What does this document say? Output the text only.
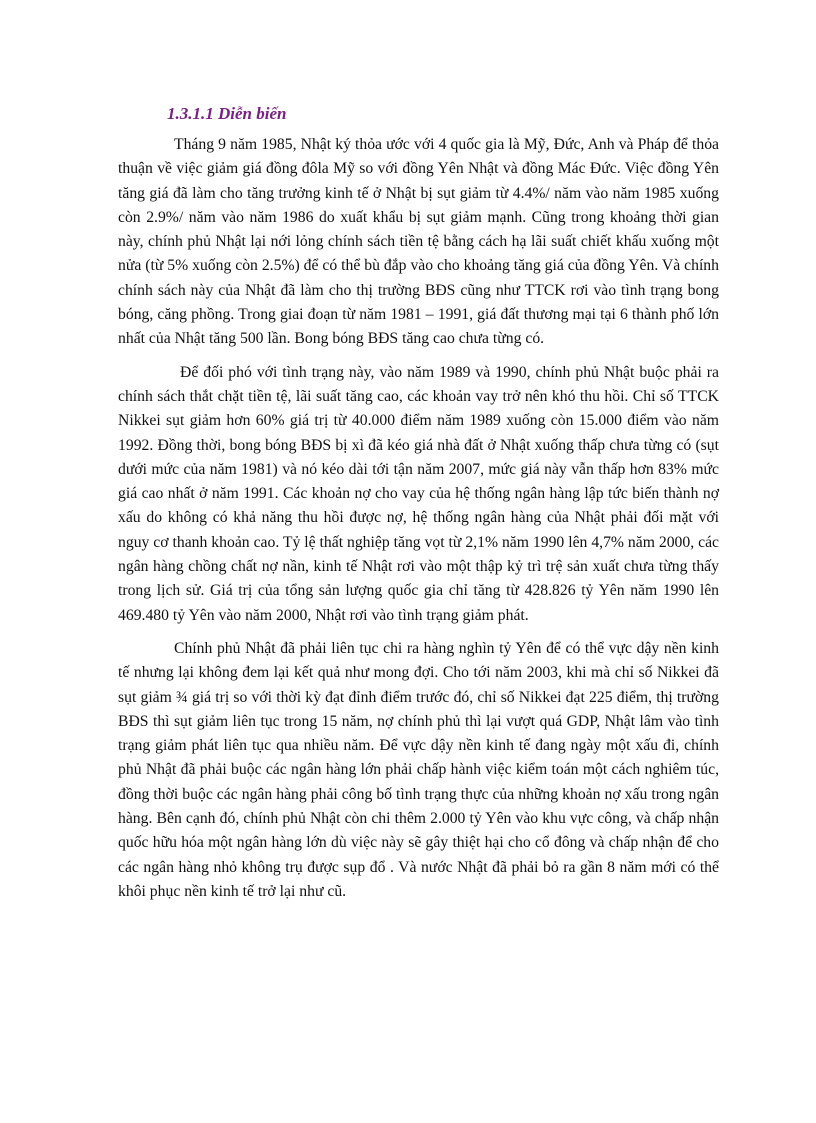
1.3.1.1 Diễn biến

Tháng 9 năm 1985, Nhật ký thỏa ước với 4 quốc gia là Mỹ, Đức, Anh và Pháp để thỏa thuận về việc giảm giá đồng đôla Mỹ so với đồng Yên Nhật và đồng Mác Đức. Việc đồng Yên tăng giá đã làm cho tăng trưởng kinh tế ở Nhật bị sụt giảm từ 4.4%/ năm vào năm 1985 xuống còn 2.9%/ năm vào năm 1986 do xuất khẩu bị sụt giảm mạnh. Cũng trong khoảng thời gian này, chính phủ Nhật lại nới lỏng chính sách tiền tệ bằng cách hạ lãi suất chiết khấu xuống một nửa (từ 5% xuống còn 2.5%) để có thể bù đắp vào cho khoảng tăng giá của đồng Yên. Và chính chính sách này của Nhật đã làm cho thị trường BĐS cũng như TTCK rơi vào tình trạng bong bóng, căng phồng. Trong giai đoạn từ năm 1981 – 1991, giá đất thương mại tại 6 thành phố lớn nhất của Nhật tăng 500 lần. Bong bóng BĐS tăng cao chưa từng có.

Để đối phó với tình trạng này, vào năm 1989 và 1990, chính phủ Nhật buộc phải ra chính sách thắt chặt tiền tệ, lãi suất tăng cao, các khoản vay trở nên khó thu hồi. Chỉ số TTCK Nikkei sụt giảm hơn 60% giá trị từ 40.000 điểm năm 1989 xuống còn 15.000 điểm vào năm 1992. Đồng thời, bong bóng BĐS bị xì đã kéo giá nhà đất ở Nhật xuống thấp chưa từng có (sụt dưới mức của năm 1981) và nó kéo dài tới tận năm 2007, mức giá này vẫn thấp hơn 83% mức giá cao nhất ở năm 1991. Các khoản nợ cho vay của hệ thống ngân hàng lập tức biến thành nợ xấu do không có khả năng thu hồi được nợ, hệ thống ngân hàng của Nhật phải đối mặt với nguy cơ thanh khoản cao. Tỷ lệ thất nghiệp tăng vọt từ 2,1% năm 1990 lên 4,7% năm 2000, các ngân hàng chồng chất nợ nần, kinh tế Nhật rơi vào một thập kỷ trì trệ sản xuất chưa từng thấy trong lịch sử. Giá trị của tổng sản lượng quốc gia chỉ tăng từ 428.826 tỷ Yên năm 1990 lên 469.480 tỷ Yên vào năm 2000, Nhật rơi vào tình trạng giảm phát.

Chính phủ Nhật đã phải liên tục chi ra hàng nghìn tỷ Yên để có thể vực dậy nền kinh tế nhưng lại không đem lại kết quả như mong đợi. Cho tới năm 2003, khi mà chỉ số Nikkei đã sụt giảm ¾ giá trị so với thời kỳ đạt đỉnh điểm trước đó, chỉ số Nikkei đạt 225 điểm, thị trường BĐS thì sụt giảm liên tục trong 15 năm, nợ chính phủ thì lại vượt quá GDP, Nhật lâm vào tình trạng giảm phát liên tục qua nhiều năm. Để vực dậy nền kinh tế đang ngày một xấu đi, chính phủ Nhật đã phải buộc các ngân hàng lớn phải chấp hành việc kiểm toán một cách nghiêm túc, đồng thời buộc các ngân hàng phải công bố tình trạng thực của những khoản nợ xấu trong ngân hàng. Bên cạnh đó, chính phủ Nhật còn chi thêm 2.000 tỷ Yên vào khu vực công, và chấp nhận quốc hữu hóa một ngân hàng lớn dù việc này sẽ gây thiệt hại cho cổ đông và chấp nhận để cho các ngân hàng nhỏ không trụ được sụp đổ . Và nước Nhật đã phải bỏ ra gần 8 năm mới có thể khôi phục nền kinh tế trở lại như cũ.
